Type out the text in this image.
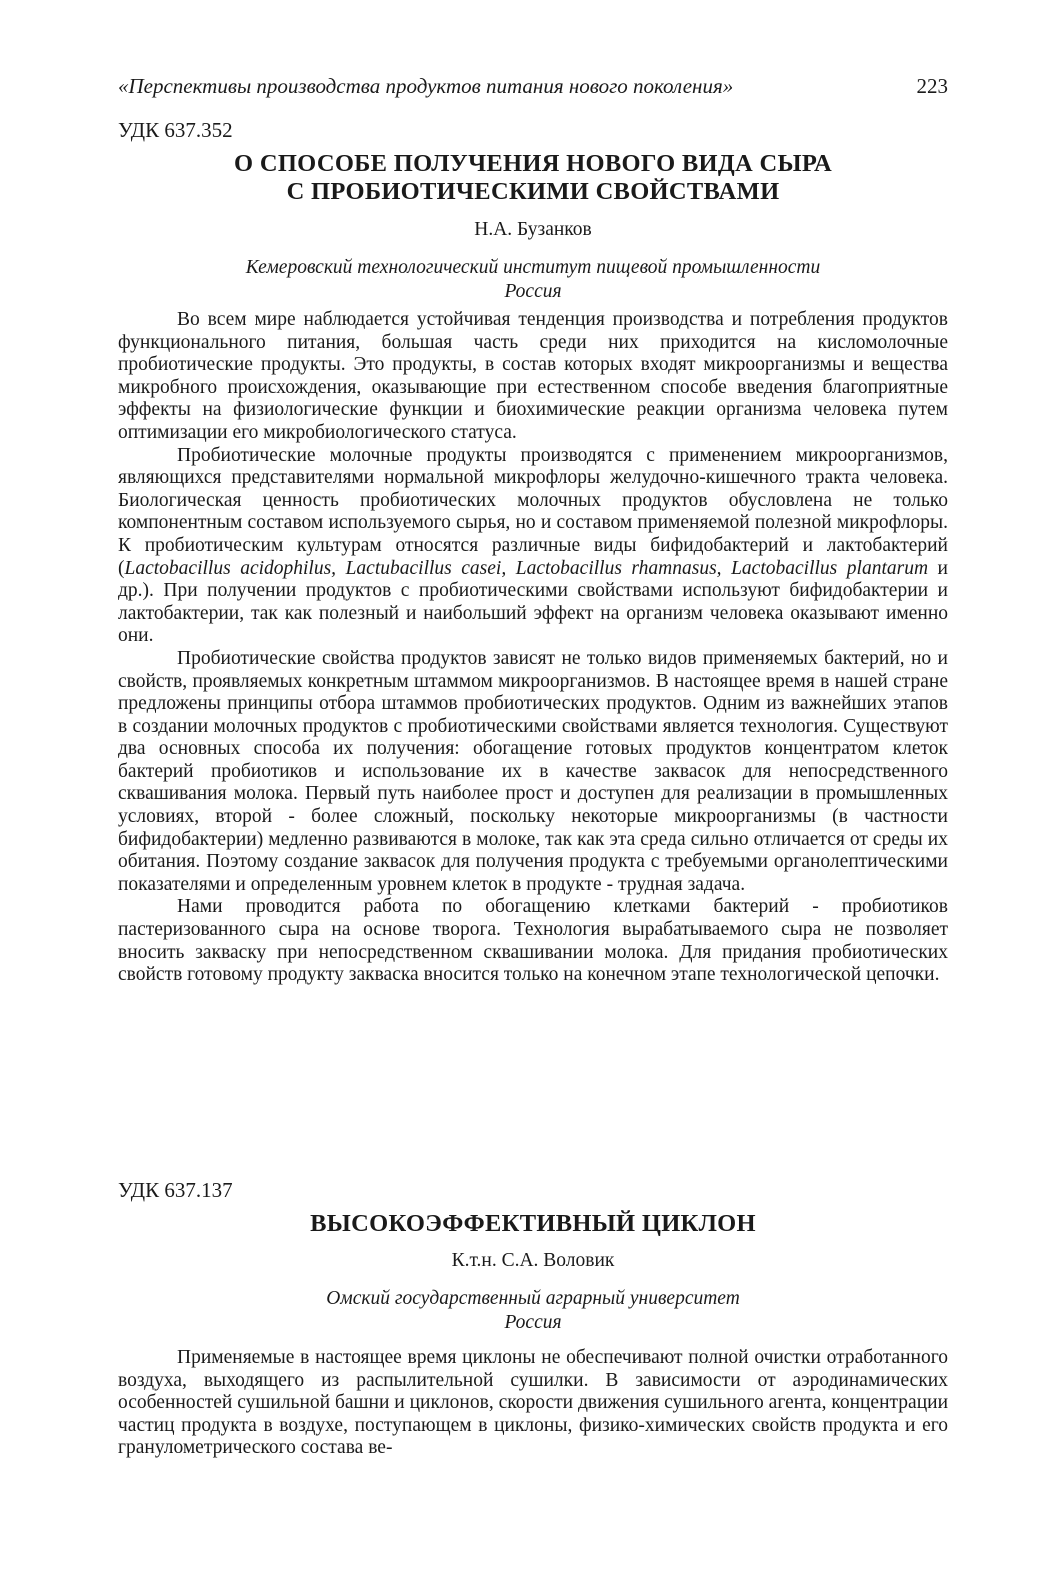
«Перспективы производства продуктов питания нового поколения»	223
УДК 637.352
О СПОСОБЕ ПОЛУЧЕНИЯ НОВОГО ВИДА СЫРА
С ПРОБИОТИЧЕСКИМИ СВОЙСТВАМИ
Н.А. Бузанков
Кемеровский технологический институт пищевой промышленности
Россия

Во всем мире наблюдается устойчивая тенденция производства и потребления продуктов функционального питания, большая часть среди них приходится на кисломолочные пробиотические продукты. Это продукты, в состав которых входят микроорганизмы и вещества микробного происхождения, оказывающие при естественном способе введения благоприятные эффекты на физиологические функции и биохимические реакции организма человека путем оптимизации его микробиологического статуса.

Пробиотические молочные продукты производятся с применением микроорганизмов, являющихся представителями нормальной микрофлоры желудочно-кишечного тракта человека. Биологическая ценность пробиотических молочных продуктов обусловлена не только компонентным составом используемого сырья, но и составом применяемой полезной микрофлоры. К пробиотическим культурам относятся различные виды бифидобактерий и лактобактерий (Lactobacillus acidophilus, Lactubacillus casei, Lactobacillus rhamnasus, Lactobacillus plantarum и др.). При получении продуктов с пробиотическими свойствами используют бифидобактерии и лактобактерии, так как полезный и наибольший эффект на организм человека оказывают именно они.

Пробиотические свойства продуктов зависят не только видов применяемых бактерий, но и свойств, проявляемых конкретным штаммом микроорганизмов. В настоящее время в нашей стране предложены принципы отбора штаммов пробиотических продуктов. Одним из важнейших этапов в создании молочных продуктов с пробиотическими свойствами является технология. Существуют два основных способа их получения: обогащение готовых продуктов концентратом клеток бактерий пробиотиков и использование их в качестве заквасок для непосредственного сквашивания молока. Первый путь наиболее прост и доступен для реализации в промышленных условиях, второй - более сложный, поскольку некоторые микроорганизмы (в частности бифидобактерии) медленно развиваются в молоке, так как эта среда сильно отличается от среды их обитания. Поэтому создание заквасок для получения продукта с требуемыми органолептическими показателями и определенным уровнем клеток в продукте - трудная задача.

Нами проводится работа по обогащению клетками бактерий - пробиотиков пастеризованного сыра на основе творога. Технология вырабатываемого сыра не позволяет вносить закваску при непосредственном сквашивании молока. Для придания пробиотических свойств готовому продукту закваска вносится только на конечном этапе технологической цепочки.

УДК 637.137
ВЫСОКОЭФФЕКТИВНЫЙ ЦИКЛОН
К.т.н. С.А. Воловик
Омский государственный аграрный университет
Россия

Применяемые в настоящее время циклоны не обеспечивают полной очистки отработанного воздуха, выходящего из распылительной сушилки. В зависимости от аэродинамических особенностей сушильной башни и циклонов, скорости движения сушильного агента, концентрации частиц продукта в воздухе, поступающем в циклоны, физико-химических свойств продукта и его гранулометрического состава ве-
